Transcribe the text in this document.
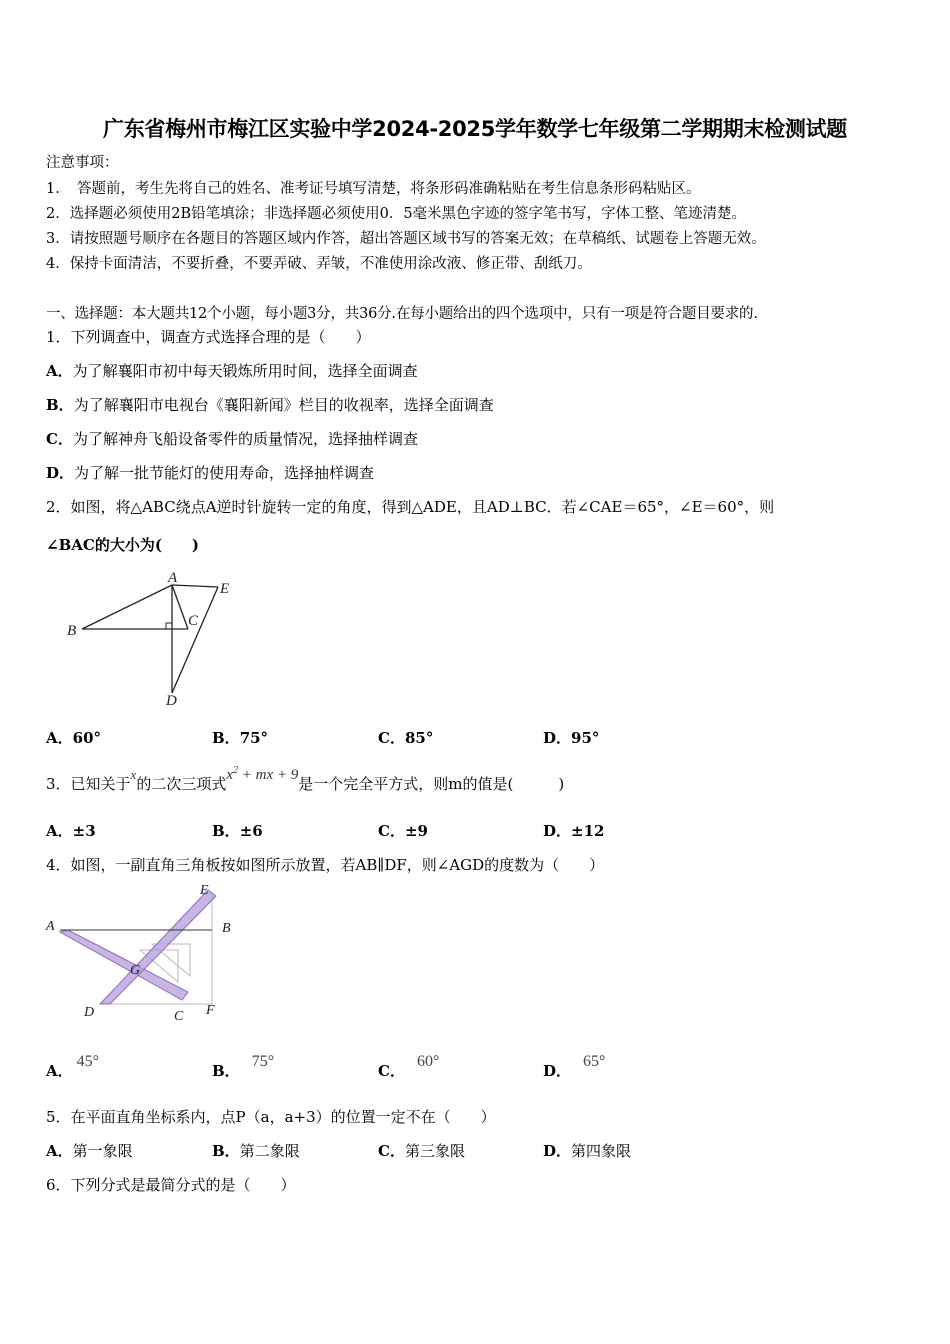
广东省梅州市梅江区实验中学2024-2025学年数学七年级第二学期期末检测试题
注意事项：
1．　答题前，考生先将自己的姓名、准考证号填写清楚，将条形码准确粘贴在考生信息条形码粘贴区。
2．选择题必须使用2B铅笔填涂；非选择题必须使用0．5毫米黑色字迹的签字笔书写，字体工整、笔迹清楚。
3．请按照题号顺序在各题目的答题区域内作答，超出答题区域书写的答案无效；在草稿纸、试题卷上答题无效。
4．保持卡面清洁，不要折叠，不要弄破、弄皱，不准使用涂改液、修正带、刮纸刀。
一、选择题：本大题共12个小题，每小题3分，共36分.在每小题给出的四个选项中，只有一项是符合题目要求的.
1．下列调查中，调查方式选择合理的是（　　）
A．为了解襄阳市初中每天锻炼所用时间，选择全面调查
B．为了解襄阳市电视台《襄阳新闻》栏目的收视率，选择全面调查
C．为了解神舟飞船设备零件的质量情况，选择抽样调查
D．为了解一批节能灯的使用寿命，选择抽样调查
2．如图，将△ABC绕点A逆时针旋转一定的角度，得到△ADE，且AD⊥BC．若∠CAE＝65°，∠E＝60°，则
∠BAC的大小为(　　)
A
B
C
D
E
A．60°	B．75°	C．85°	D．95°
3．已知关于x的二次三项式$x^2$ + mx + 9是一个完全平方式，则m的值是(　　　)
A．±3	B．±6	C．±9	D．±12
4．如图，一副直角三角板按如图所示放置，若AB∥DF，则∠AGD的度数为（　　）
A	B
C
D
E
F
G
A．45°
B．75°
C．60°
D．65°
5．在平面直角坐标系内，点P（a，a+3）的位置一定不在（　　）
A．第一象限	B．第二象限	C．第三象限	D．第四象限
6．下列分式是最简分式的是（　　）
